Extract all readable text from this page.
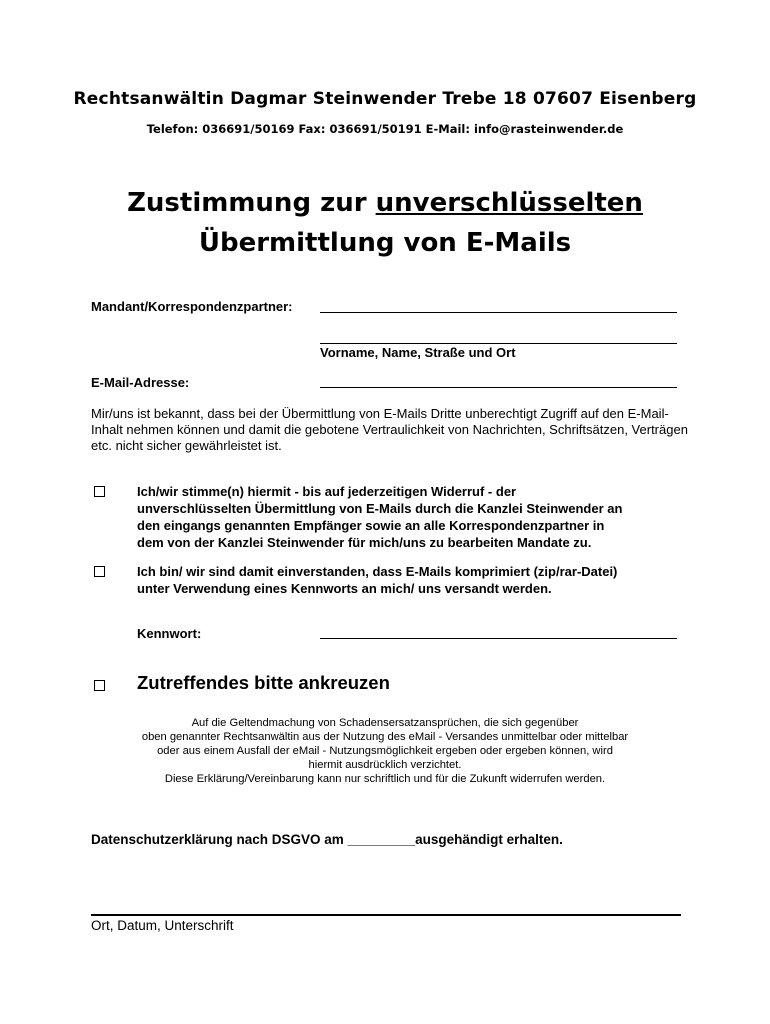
Rechtsanwältin Dagmar Steinwender Trebe 18 07607 Eisenberg
Telefon: 036691/50169 Fax: 036691/50191 E-Mail: info@rasteinwender.de
Zustimmung zur unverschlüsselten
Übermittlung von E-Mails
Mandant/Korrespondenzpartner:
Vorname, Name, Straße und Ort
E-Mail-Adresse:
Mir/uns ist bekannt, dass bei der Übermittlung von E-Mails Dritte unberechtigt Zugriff auf den E-Mail-Inhalt nehmen können und damit die gebotene Vertraulichkeit von Nachrichten, Schriftsätzen, Verträgen etc. nicht sicher gewährleistet ist.
Ich/wir stimme(n) hiermit - bis auf jederzeitigen Widerruf - der
unverschlüsselten Übermittlung von E-Mails durch die Kanzlei Steinwender an
den eingangs genannten Empfänger sowie an alle Korrespondenzpartner in
dem von der Kanzlei Steinwender für mich/uns zu bearbeiten Mandate zu.
Ich bin/ wir sind damit einverstanden, dass E-Mails komprimiert (zip/rar-Datei)
unter Verwendung eines Kennworts an mich/ uns versandt werden.
Kennwort:
Zutreffendes bitte ankreuzen
Auf die Geltendmachung von Schadensersatzansprüchen, die sich gegenüber
oben genannter Rechtsanwältin aus der Nutzung des eMail - Versandes unmittelbar oder mittelbar
oder aus einem Ausfall der eMail - Nutzungsmöglichkeit ergeben oder ergeben können, wird
hiermit ausdrücklich verzichtet.
Diese Erklärung/Vereinbarung kann nur schriftlich und für die Zukunft widerrufen werden.
Datenschutzerklärung nach DSGVO am _________ausgehändigt erhalten.
Ort, Datum, Unterschrift
